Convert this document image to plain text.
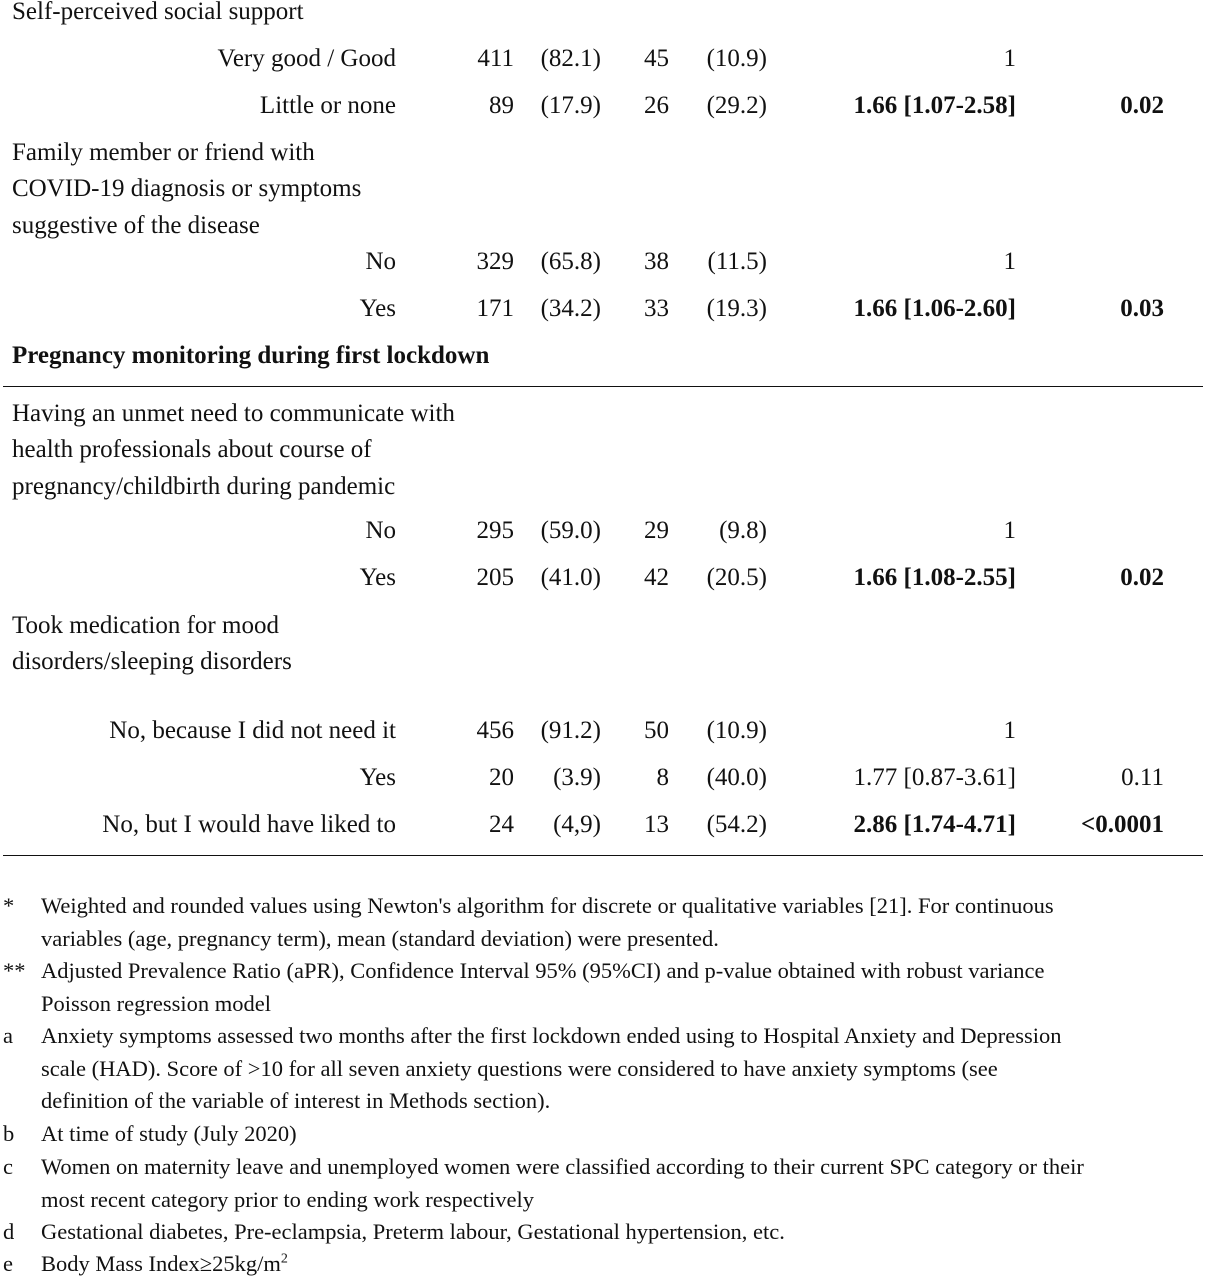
Self-perceived social support
Very good / Good	411 (82.1) 45 (10.9)	1
Little or none	89 (17.9) 26 (29.2)	1.66 [1.07-2.58]	0.02
Family member or friend with
COVID-19 diagnosis or symptoms
suggestive of the disease
No	329 (65.8) 38 (11.5)	1
Yes	171 (34.2) 33 (19.3)	1.66 [1.06-2.60]	0.03
Pregnancy monitoring during first lockdown
Having an unmet need to communicate with
health professionals about course of
pregnancy/childbirth during pandemic
No	295 (59.0) 29 (9.8)	1
Yes	205 (41.0) 42 (20.5)	1.66 [1.08-2.55]	0.02
Took medication for mood
disorders/sleeping disorders
No, because I did not need it	456 (91.2) 50 (10.9)	1
Yes	20 (3.9) 8 (40.0)	1.77 [0.87-3.61]	0.11
No, but I would have liked to	24 (4,9) 13 (54.2)	2.86 [1.74-4.71]	<0.0001
* Weighted and rounded values using Newton's algorithm for discrete or qualitative variables [21]. For continuous
variables (age, pregnancy term), mean (standard deviation) were presented.
** Adjusted Prevalence Ratio (aPR), Confidence Interval 95% (95%CI) and p-value obtained with robust variance
Poisson regression model
a Anxiety symptoms assessed two months after the first lockdown ended using to Hospital Anxiety and Depression
scale (HAD). Score of >10 for all seven anxiety questions were considered to have anxiety symptoms (see
definition of the variable of interest in Methods section).
b At time of study (July 2020)
c Women on maternity leave and unemployed women were classified according to their current SPC category or their
most recent category prior to ending work respectively
d Gestational diabetes, Pre-eclampsia, Preterm labour, Gestational hypertension, etc.
e Body Mass $Index\ge 25kg/m^2$
